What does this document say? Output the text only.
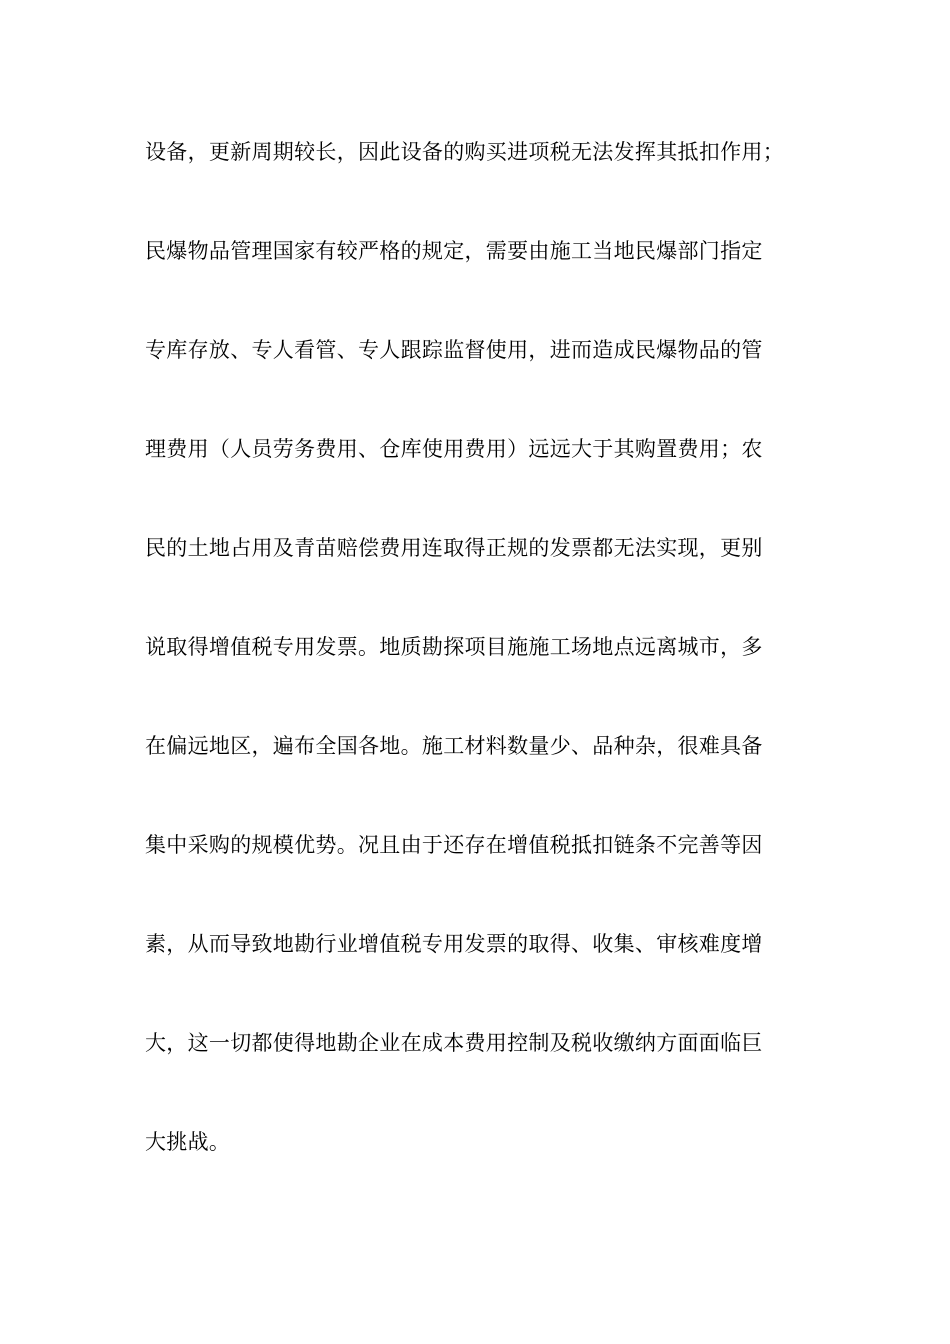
设备，更新周期较长，因此设备的购买进项税无法发挥其抵扣作用；
民爆物品管理国家有较严格的规定，需要由施工当地民爆部门指定
专库存放、专人看管、专人跟踪监督使用，进而造成民爆物品的管
理费用（人员劳务费用、仓库使用费用）远远大于其购置费用；农
民的土地占用及青苗赔偿费用连取得正规的发票都无法实现，更别
说取得增值税专用发票。地质勘探项目施施工场地点远离城市，多
在偏远地区，遍布全国各地。施工材料数量少、品种杂，很难具备
集中采购的规模优势。况且由于还存在增值税抵扣链条不完善等因
素，从而导致地勘行业增值税专用发票的取得、收集、审核难度增
大，这一切都使得地勘企业在成本费用控制及税收缴纳方面面临巨
大挑战。
